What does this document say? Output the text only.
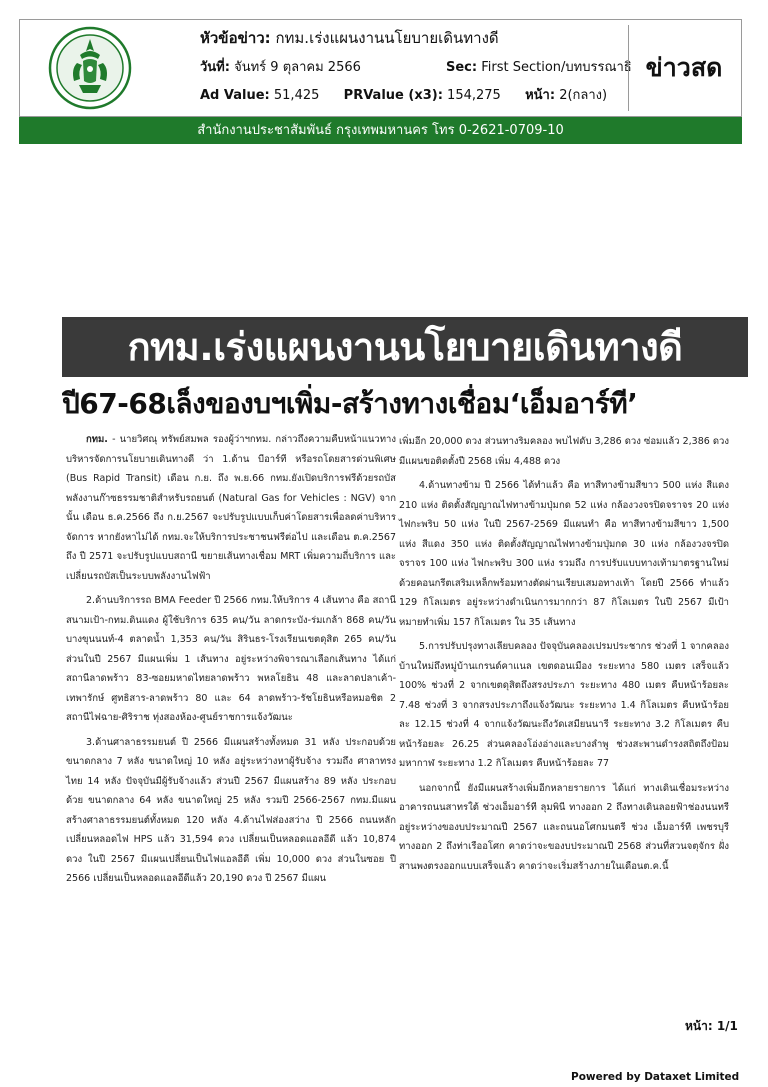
หัวข้อข่าว: กทม.เร่งแผนงานนโยบายเดินทางดี
วันที่: จันทร์ 9 ตุลาคม 2566	Sec: First Section/บทบรรณาธิ
Ad Value: 51,425 PRValue (x3): 154,275 หน้า: 2(กลาง)
ข่าวสด
สำนักงานประชาสัมพันธ์ กรุงเทพมหานคร โทร 0-2621-0709-10
กทม.เร่งแผนงานนโยบายเดินทางดี
ปี67-68เล็งของบฯเพิ่ม-สร้างทางเชื่อม‘เอ็มอาร์ที’

กทม. - นายวิศณุ ทรัพย์สมพล รองผู้ว่าฯกทม. กล่าวถึงความคืบหน้าแนวทางบริหารจัดการนโยบายเดินทางดี ว่า 1.ด้าน บีอาร์ที หรือรถโดยสารด่วนพิเศษ (Bus Rapid Transit) เดือน ก.ย. ถึง พ.ย.66 กทม.ยังเปิดบริการฟรีด้วยรถบัสพลังงานก๊าซธรรมชาติสำหรับรถยนต์ (Natural Gas for Vehicles : NGV) จากนั้น เดือน ธ.ค.2566 ถึง ก.ย.2567 จะปรับรูปแบบเก็บค่าโดยสารเพื่อลดค่าบริหารจัดการ หากยังหาไม่ได้ กทม.จะให้บริการประชาชนฟรีต่อไป และเดือน ต.ค.2567 ถึง ปี 2571 จะปรับรูปแบบสถานี ขยายเส้นทางเชื่อม MRT เพิ่มความถี่บริการ และเปลี่ยนรถบัสเป็นระบบพลังงานไฟฟ้า

2.ด้านบริการรถ BMA Feeder ปี 2566 กทม.ให้บริการ 4 เส้นทาง คือ สถานีสนามเป้า-กทม.ดินแดง ผู้ใช้บริการ 635 คน/วัน ลาดกระบัง-ร่มเกล้า 868 คน/วัน บางขุนนนท์-4 ตลาดน้ำ 1,353 คน/วัน สิรินธร-โรงเรียนเขตดุสิต 265 คน/วัน ส่วนในปี 2567 มีแผนเพิ่ม 1 เส้นทาง อยู่ระหว่างพิจารณาเลือกเส้นทาง ได้แก่ สถานีลาดพร้าว 83-ซอยมหาดไทยลาดพร้าว พหลโยธิน 48 และลาดปลาเค้า-เทพารักษ์ ศูทธิสาร-ลาดพร้าว 80 และ 64 ลาดพร้าว-รัชโยธินหรือหมอชิต 2 สถานีไฟฉาย-ศิริราช ทุ่งสองห้อง-ศูนย์ราชการแจ้งวัฒนะ

3.ด้านศาลาธรรมยนต์ ปี 2566 มีแผนสร้างทั้งหมด 31 หลัง ประกอบด้วย ขนาดกลาง 7 หลัง ขนาดใหญ่ 10 หลัง อยู่ระหว่างหาผู้รับจ้าง รวมถึง ศาลาทรงไทย 14 หลัง ปัจจุบันมีผู้รับจ้างแล้ว ส่วนปี 2567 มีแผนสร้าง 89 หลัง ประกอบด้วย ขนาดกลาง 64 หลัง ขนาดใหญ่ 25 หลัง รวมปี 2566-2567 กทม.มีแผนสร้างศาลาธรรมยนต์ทั้งหมด 120 หลัง 4.ด้านไฟส่องสว่าง ปี 2566 ถนนหลักเปลี่ยนหลอดไฟ HPS แล้ว 31,594 ดวง เปลี่ยนเป็นหลอดแอลอีดี แล้ว 10,874 ดวง ในปี 2567 มีแผนเปลี่ยนเป็นไฟแอลอีดี เพิ่ม 10,000 ดวง ส่วนในซอย ปี 2566 เปลี่ยนเป็นหลอดแอลอีดีแล้ว 20,190 ดวง ปี 2567 มีแผน

เพิ่มอีก 20,000 ดวง ส่วนทางริมคลอง พบไฟดับ 3,286 ดวง ซ่อมแล้ว 2,386 ดวง มีแผนขอติดตั้งปี 2568 เพิ่ม 4,488 ดวง

4.ด้านทางข้าม ปี 2566 ได้ทำแล้ว คือ ทาสีทางข้ามสีขาว 500 แห่ง สีแดง 210 แห่ง ติดตั้งสัญญาณไฟทางข้ามปุ่มกด 52 แห่ง กล้องวงจรปิดจราจร 20 แห่ง ไฟกะพริบ 50 แห่ง ในปี 2567-2569 มีแผนทำ คือ ทาสีทางข้ามสีขาว 1,500 แห่ง สีแดง 350 แห่ง ติดตั้งสัญญาณไฟทางข้ามปุ่มกด 30 แห่ง กล้องวงจรปิดจราจร 100 แห่ง ไฟกะพริบ 300 แห่ง รวมถึง การปรับแบบทางเท้ามาตรฐานใหม่ด้วยคอนกรีตเสริมเหล็กพร้อมทางตัดผ่านเรียบเสมอทางเท้า โดยปี 2566 ทำแล้ว 129 กิโลเมตร อยู่ระหว่างดำเนินการมากกว่า 87 กิโลเมตร ในปี 2567 มีเป้าหมายทำเพิ่ม 157 กิโลเมตร ใน 35 เส้นทาง

5.การปรับปรุงทางเลียบคลอง ปัจจุบันคลองเปรมประชากร ช่วงที่ 1 จากคลองบ้านใหม่ถึงหมู่บ้านเกรนด์คาแนล เขตดอนเมือง ระยะทาง 580 เมตร เสร็จแล้ว 100% ช่วงที่ 2 จากเขตดุสิตถึงสรงประภา ระยะทาง 480 เมตร คืบหน้าร้อยละ 7.48 ช่วงที่ 3 จากสรงประภาถึงแจ้งวัฒนะ ระยะทาง 1.4 กิโลเมตร คืบหน้าร้อยละ 12.15 ช่วงที่ 4 จากแจ้งวัฒนะถึงวัดเสมียนนารี ระยะทาง 3.2 กิโลเมตร คืบหน้าร้อยละ 26.25 ส่วนคลองโอ่งอ่างและบางลำพู ช่วงสะพานดำรงสถิตถึงป้อมมหากาฬ ระยะทาง 1.2 กิโลเมตร คืบหน้าร้อยละ 77

นอกจากนี้ ยังมีแผนสร้างเพิ่มอีกหลายรายการ ได้แก่ ทางเดินเชื่อมระหว่างอาคารถนนสาทรใต้ ช่วงเอ็มอาร์ที ลุมพินี ทางออก 2 ถึงทางเดินลอยฟ้าช่องนนทรี อยู่ระหว่างของบประมาณปี 2567 และถนนอโศกมนตรี ช่วง เอ็มอาร์ที เพชรบุรี ทางออก 2 ถึงท่าเรืออโศก คาดว่าจะของบประมาณปี 2568 ส่วนที่สวนจตุจักร ฝั่งสานพงตรงออกแบบเสร็จแล้ว คาดว่าจะเริ่มสร้างภายในเดือนต.ค.นี้

หน้า: 1/1
Powered by Dataxet Limited
